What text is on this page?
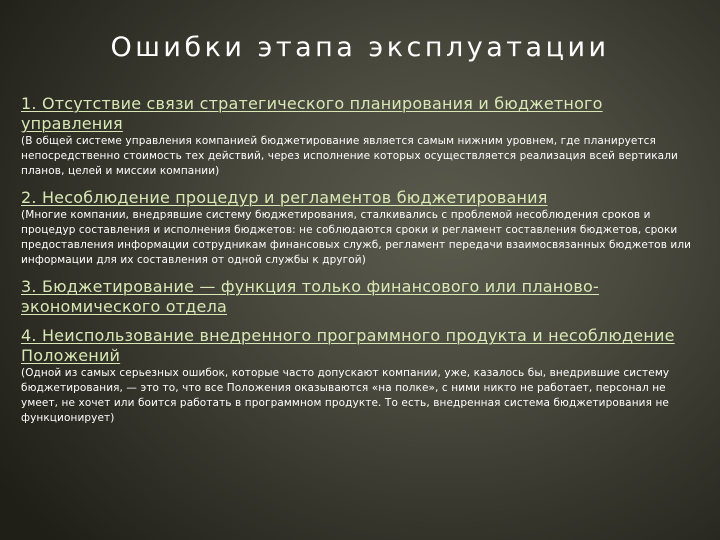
Ошибки этапа эксплуатации
1. Отсутствие связи стратегического планирования и бюджетного управления
(В общей системе управления компанией бюджетирование является самым нижним уровнем, где планируется непосредственно стоимость тех действий, через исполнение которых осуществляется реализация всей вертикали планов, целей и миссии компании)
2. Несоблюдение процедур и регламентов бюджетирования
(Многие компании, внедрявшие систему бюджетирования, сталкивались с проблемой несоблюдения сроков и процедур составления и исполнения бюджетов: не соблюдаются сроки и регламент составления бюджетов, сроки предоставления информации сотрудникам финансовых служб, регламент передачи взаимосвязанных бюджетов или информации для их составления от одной службы к другой)
3. Бюджетирование — функция только финансового или планово-экономического отдела
4. Неиспользование внедренного программного продукта и несоблюдение Положений
(Одной из самых серьезных ошибок, которые часто допускают компании, уже, казалось бы, внедрившие систему бюджетирования, — это то, что все Положения оказываются «на полке», с ними никто не работает, персонал не умеет, не хочет или боится работать в программном продукте. То есть, внедренная система бюджетирования не функционирует)
